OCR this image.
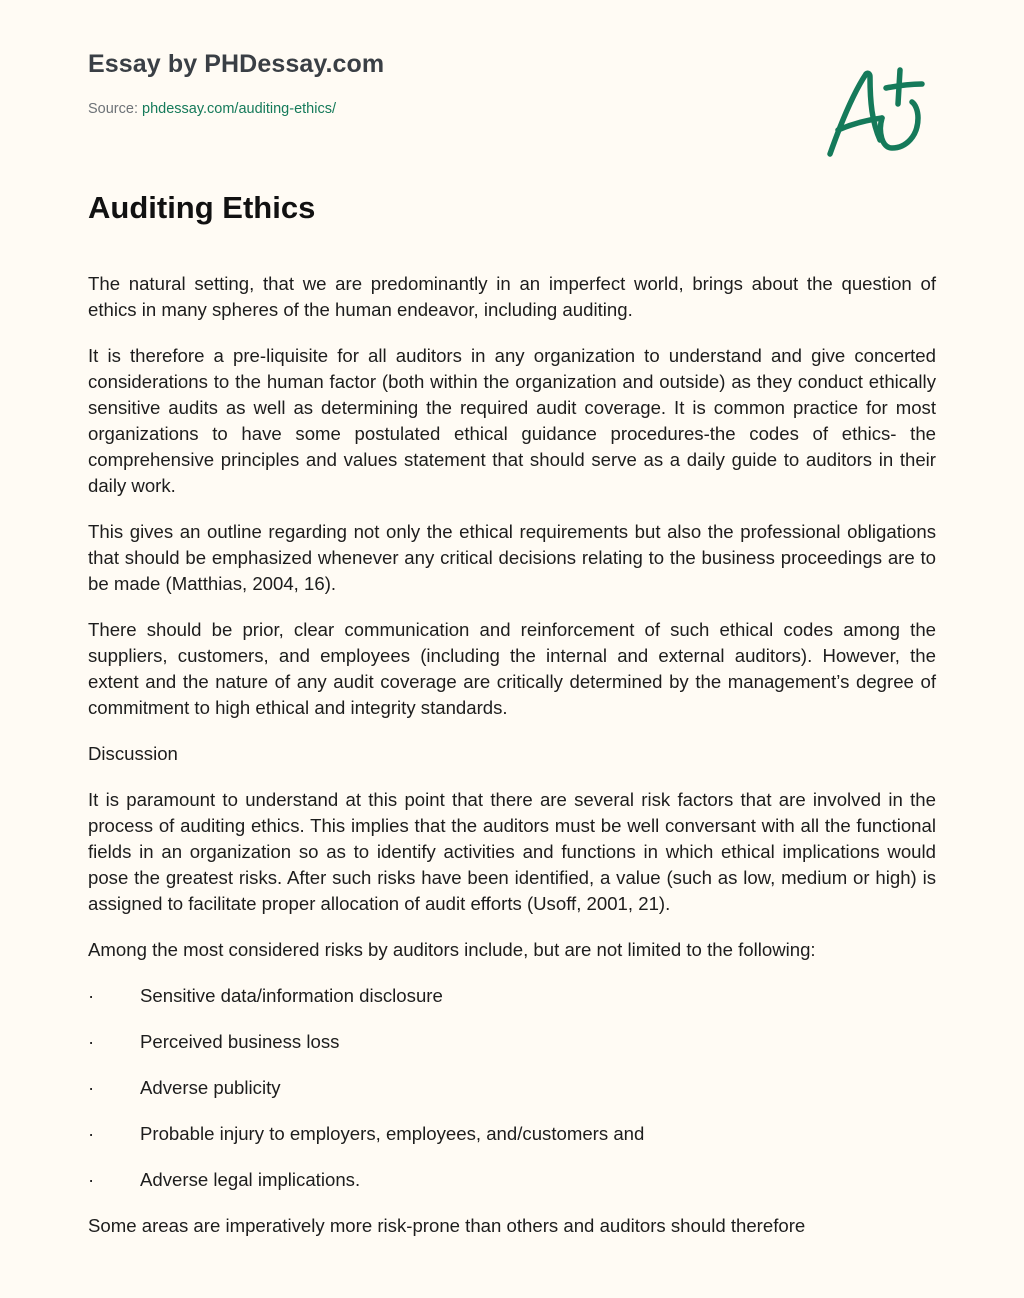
Essay by PHDessay.com
Source: phdessay.com/auditing-ethics/
Auditing Ethics

The natural setting, that we are predominantly in an imperfect world, brings about the question of ethics in many spheres of the human endeavor, including auditing.

It is therefore a pre-liquisite for all auditors in any organization to understand and give concerted considerations to the human factor (both within the organization and outside) as they conduct ethically sensitive audits as well as determining the required audit coverage. It is common practice for most organizations to have some postulated ethical guidance procedures-the codes of ethics- the comprehensive principles and values statement that should serve as a daily guide to auditors in their daily work.

This gives an outline regarding not only the ethical requirements but also the professional obligations that should be emphasized whenever any critical decisions relating to the business proceedings are to be made (Matthias, 2004, 16).

There should be prior, clear communication and reinforcement of such ethical codes among the suppliers, customers, and employees (including the internal and external auditors). However, the extent and the nature of any audit coverage are critically determined by the management’s degree of commitment to high ethical and integrity standards.

Discussion

It is paramount to understand at this point that there are several risk factors that are involved in the process of auditing ethics. This implies that the auditors must be well conversant with all the functional fields in an organization so as to identify activities and functions in which ethical implications would pose the greatest risks. After such risks have been identified, a value (such as low, medium or high) is assigned to facilitate proper allocation of audit efforts (Usoff, 2001, 21).

Among the most considered risks by auditors include, but are not limited to the following:

·	Sensitive data/information disclosure
·	Perceived business loss
·	Adverse publicity
·	Probable injury to employers, employees, and/customers and
·	Adverse legal implications.

Some areas are imperatively more risk-prone than others and auditors should therefore
